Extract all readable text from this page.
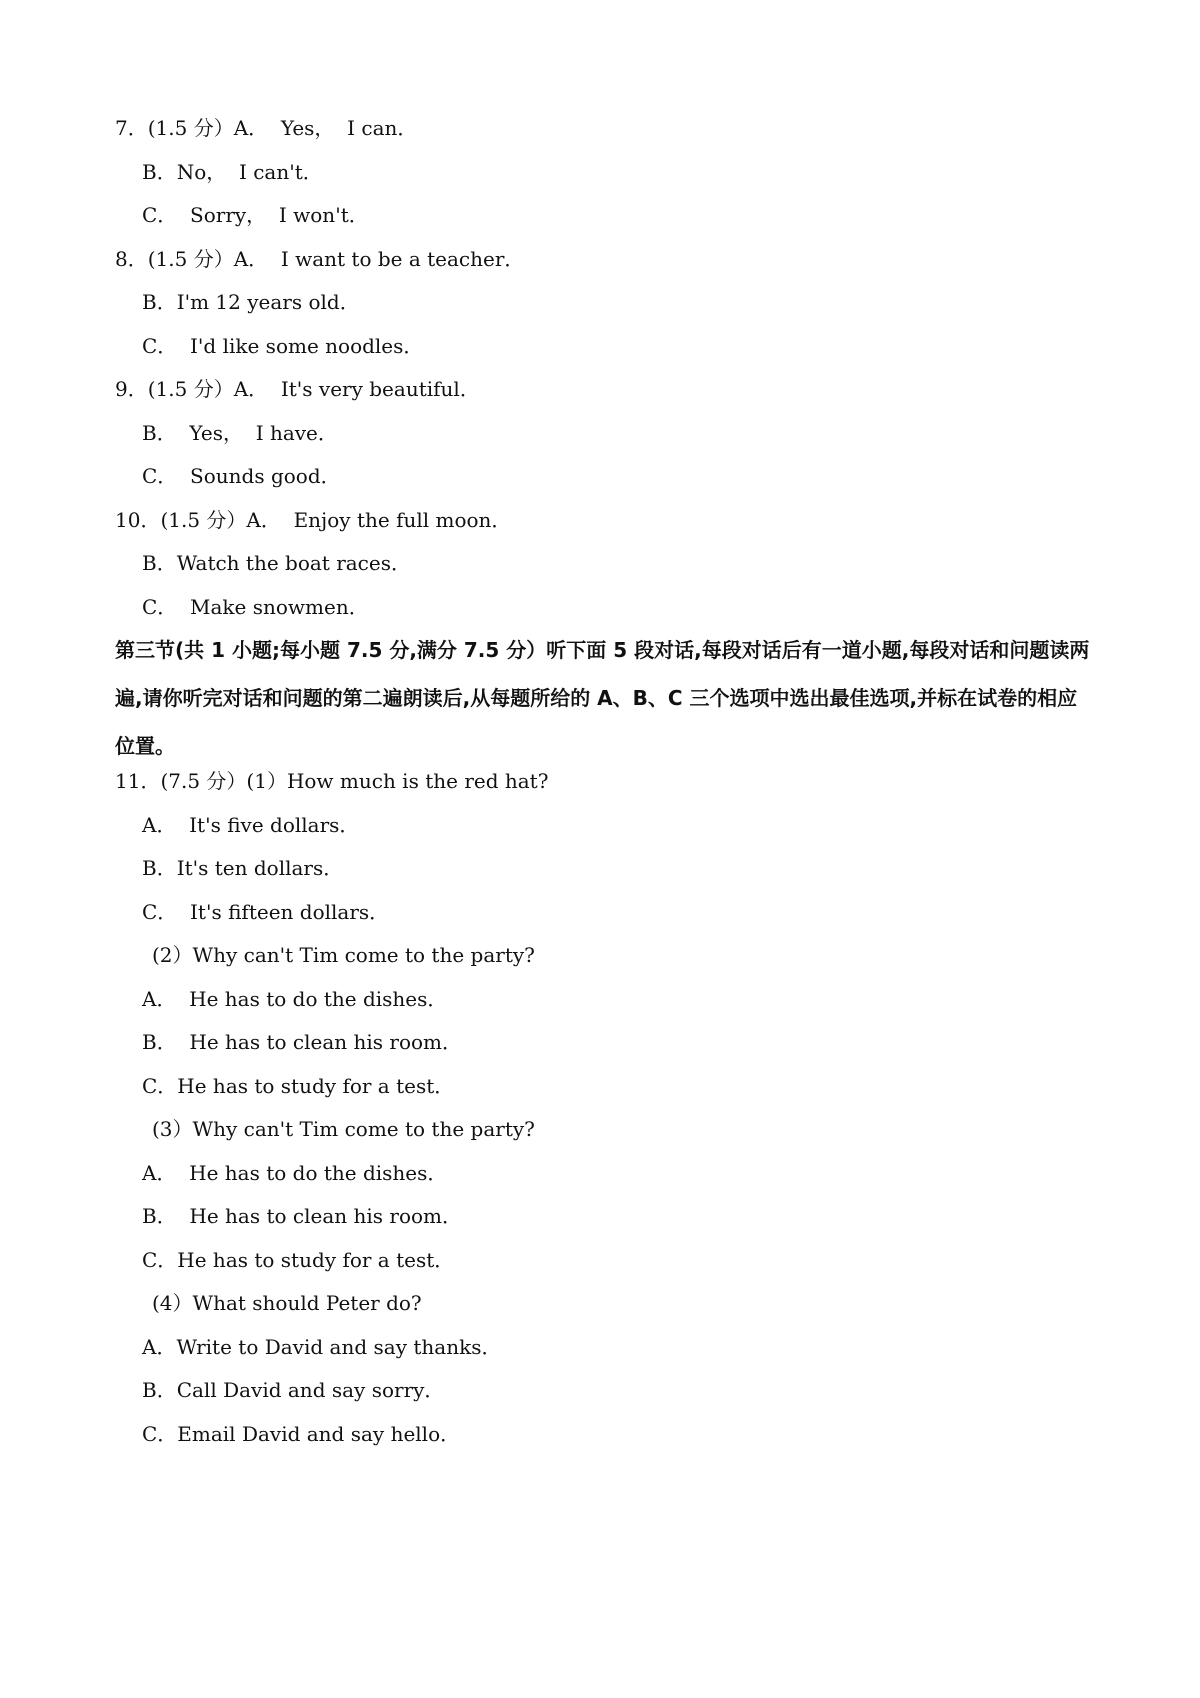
7．(1.5 分）A．  Yes，  I can．
B．No，  I can't．
C．  Sorry，  I won't．
8．(1.5 分）A．  I want to be a teacher．
B．I'm 12 years old．
C．  I'd like some noodles．
9．(1.5 分）A．  It's very beautiful．
B．  Yes，  I have．
C．  Sounds good．
10．(1.5 分）A．  Enjoy the full moon．
B．Watch the boat races．
C．  Make snowmen．
第三节(共 1 小题;每小题 7.5 分,满分 7.5 分）听下面 5 段对话,每段对话后有一道小题,每段对话和问题读两遍,请你听完对话和问题的第二遍朗读后,从每题所给的 A、B、C 三个选项中选出最佳选项,并标在试卷的相应位置。
11．(7.5 分）(1）How much is the red hat?
A．  It's five dollars．
B．It's ten dollars．
C．  It's fifteen dollars．
(2）Why can't Tim come to the party?
A．  He has to do the dishes．
B．  He has to clean his room．
C．He has to study for a test．
(3）Why can't Tim come to the party?
A．  He has to do the dishes．
B．  He has to clean his room．
C．He has to study for a test．
(4）What should Peter do?
A．Write to David and say thanks．
B．Call David and say sorry．
C．Email David and say hello．
